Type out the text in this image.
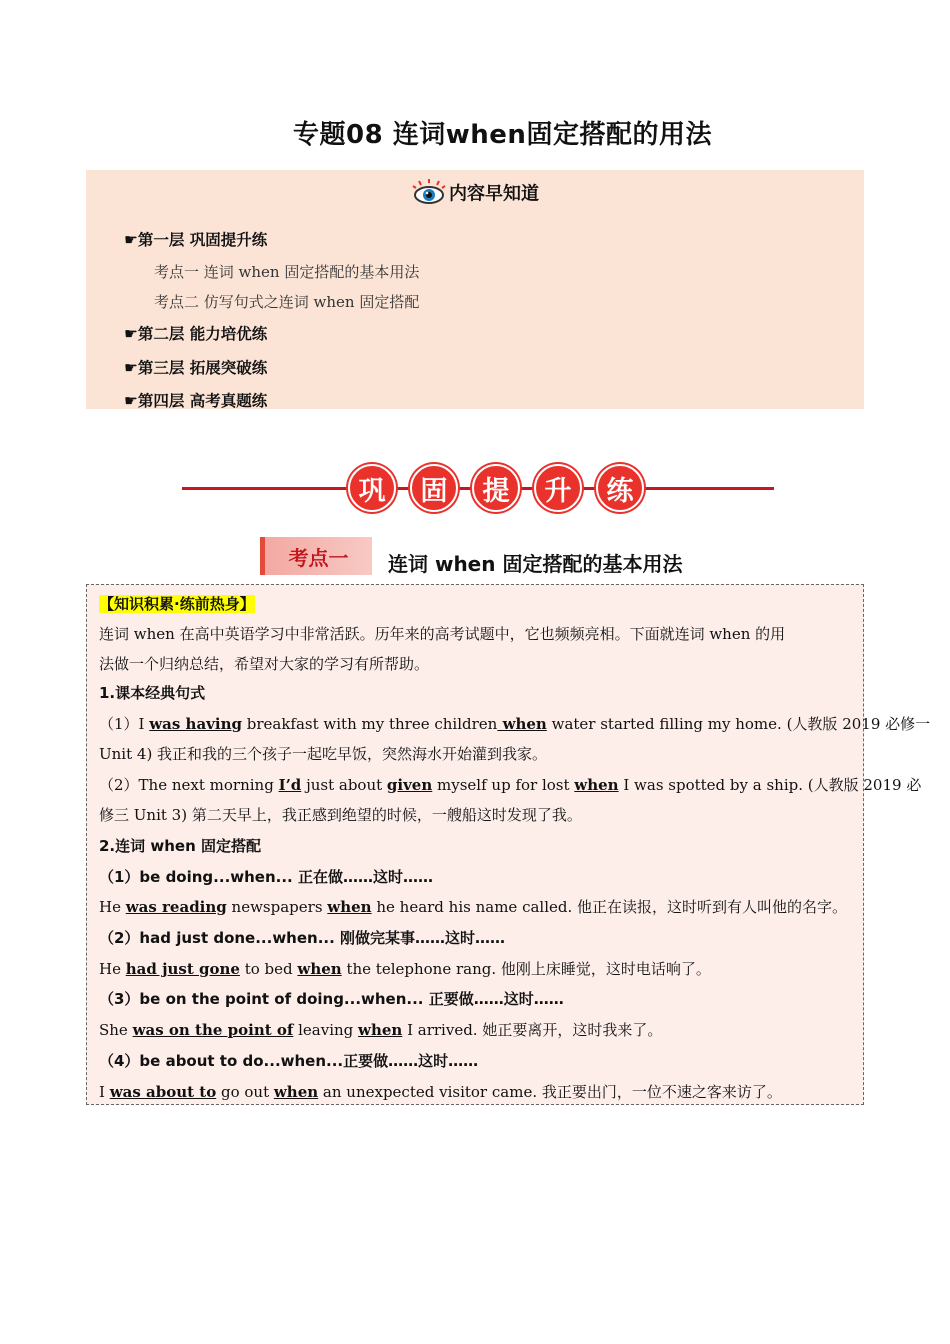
专题08 连词when固定搭配的用法
内容早知道
☛第一层 巩固提升练
考点一 连词 when 固定搭配的基本用法
考点二 仿写句式之连词 when 固定搭配
☛第二层 能力培优练
☛第三层 拓展突破练
☛第四层 高考真题练
巩	固	提	升	练
考点一	连词 when 固定搭配的基本用法
【知识积累·练前热身】
连词 when 在高中英语学习中非常活跃。历年来的高考试题中，它也频频亮相。下面就连词 when 的用
法做一个归纳总结，希望对大家的学习有所帮助。
1.课本经典句式
（1）I was having breakfast with my three children when water started filling my home. (人教版 2019 必修一
Unit 4) 我正和我的三个孩子一起吃早饭，突然海水开始灌到我家。
（2）The next morning I’d just about given myself up for lost when I was spotted by a ship. (人教版 2019 必
修三 Unit 3) 第二天早上，我正感到绝望的时候，一艘船这时发现了我。
2.连词 when 固定搭配
（1）be doing...when... 正在做……这时……
He was reading newspapers when he heard his name called. 他正在读报，这时听到有人叫他的名字。
（2）had just done...when... 刚做完某事……这时……
He had just gone to bed when the telephone rang. 他刚上床睡觉，这时电话响了。
（3）be on the point of doing...when... 正要做……这时……
She was on the point of leaving when I arrived. 她正要离开，这时我来了。
（4）be about to do...when...正要做……这时……
I was about to go out when an unexpected visitor came. 我正要出门，一位不速之客来访了。
